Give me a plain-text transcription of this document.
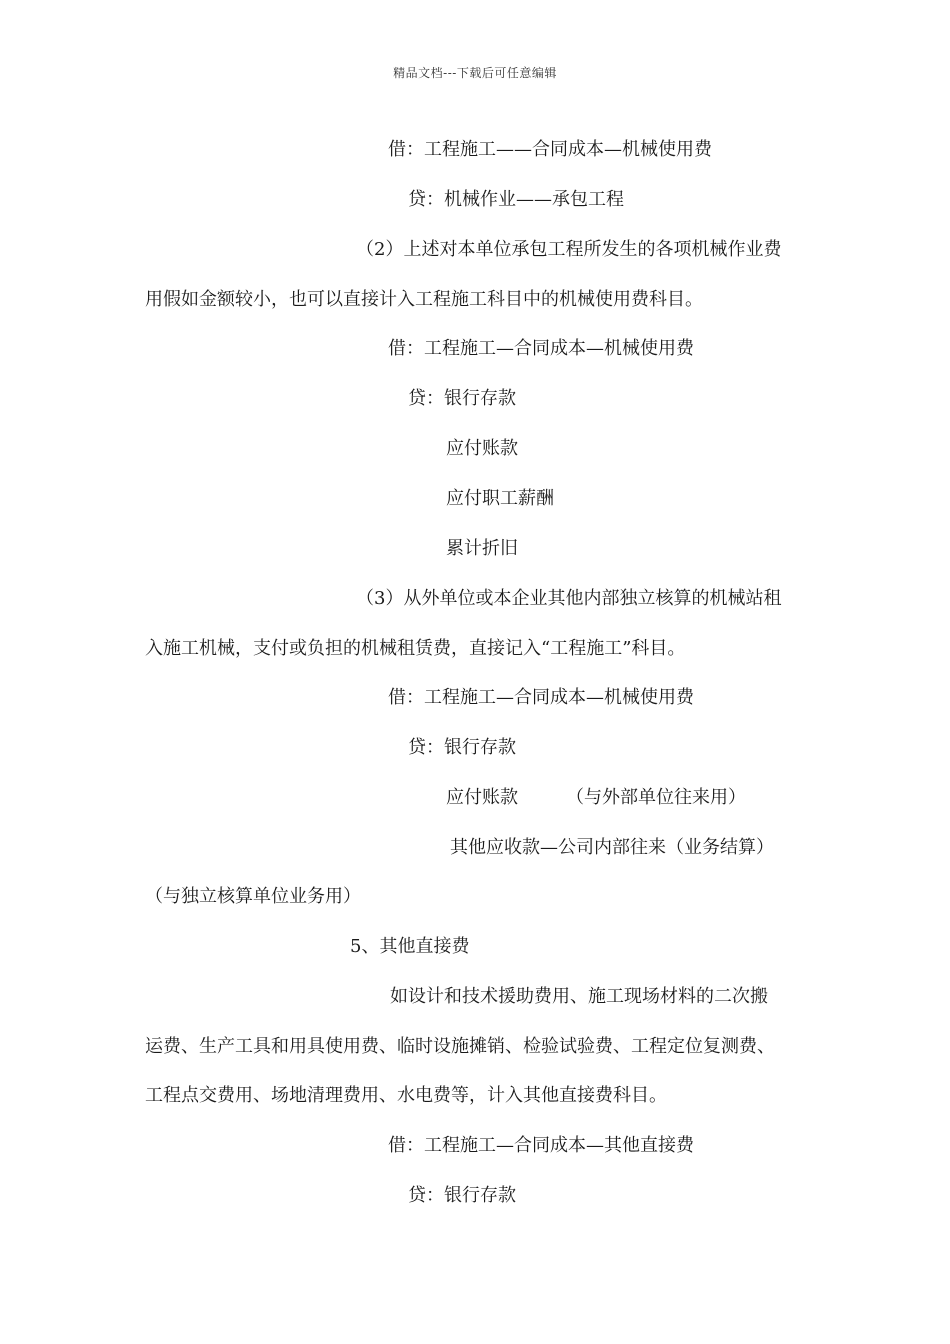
精品文档---下载后可任意编辑
借：工程施工——合同成本—机械使用费
贷：机械作业——承包工程
（2）上述对本单位承包工程所发生的各项机械作业费
用假如金额较小，也可以直接计入工程施工科目中的机械使用费科目。
借：工程施工—合同成本—机械使用费
贷：银行存款
应付账款
应付职工薪酬
累计折旧
（3）从外单位或本企业其他内部独立核算的机械站租
入施工机械，支付或负担的机械租赁费，直接记入“工程施工”科目。
借：工程施工—合同成本—机械使用费
贷：银行存款
应付账款	（与外部单位往来用）
其他应收款—公司内部往来（业务结算）
（与独立核算单位业务用）
5、其他直接费
如设计和技术援助费用、施工现场材料的二次搬
运费、生产工具和用具使用费、临时设施摊销、检验试验费、工程定位复测费、
工程点交费用、场地清理费用、水电费等，计入其他直接费科目。
借：工程施工—合同成本—其他直接费
贷：银行存款
